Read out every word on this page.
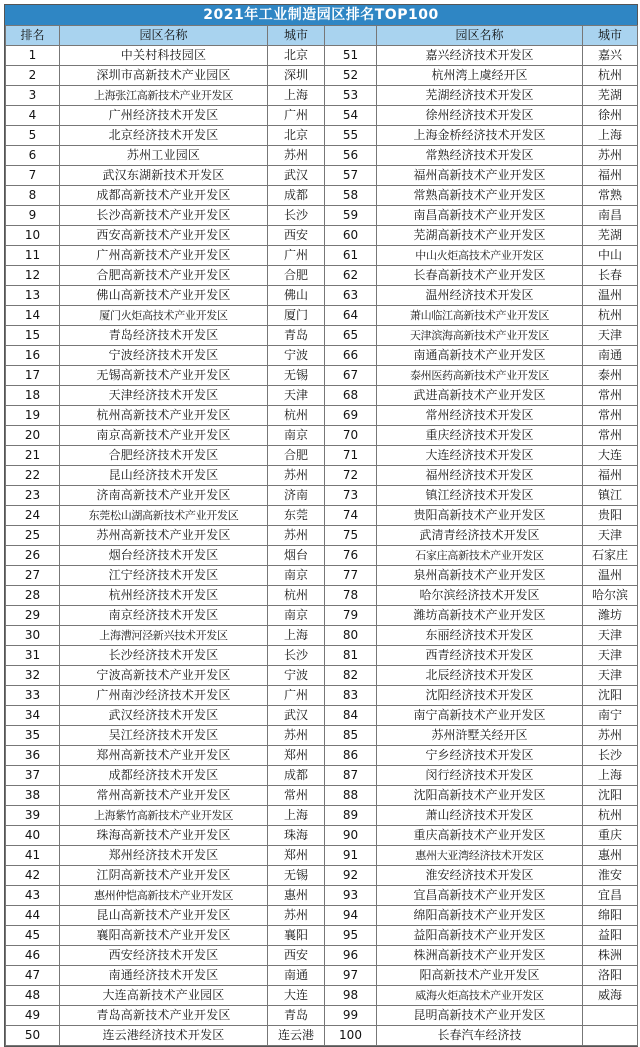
2021年工业制造园区排名TOP100
排名	园区名称	城市		园区名称	城市
1	中关村科技园区	北京	51	嘉兴经济技术开发区	嘉兴
2	深圳市高新技术产业园区	深圳	52	杭州湾上虞经开区	杭州
3	上海张江高新技术产业开发区	上海	53	芜湖经济技术开发区	芜湖
4	广州经济技术开发区	广州	54	徐州经济技术开发区	徐州
5	北京经济技术开发区	北京	55	上海金桥经济技术开发区	上海
6	苏州工业园区	苏州	56	常熟经济技术开发区	苏州
7	武汉东湖新技术开发区	武汉	57	福州高新技术产业开发区	福州
8	成都高新技术产业开发区	成都	58	常熟高新技术产业开发区	常熟
9	长沙高新技术产业开发区	长沙	59	南昌高新技术产业开发区	南昌
10	西安高新技术产业开发区	西安	60	芜湖高新技术产业开发区	芜湖
11	广州高新技术产业开发区	广州	61	中山火炬高技术产业开发区	中山
12	合肥高新技术产业开发区	合肥	62	长春高新技术产业开发区	长春
13	佛山高新技术产业开发区	佛山	63	温州经济技术开发区	温州
14	厦门火炬高技术产业开发区	厦门	64	萧山临江高新技术产业开发区	杭州
15	青岛经济技术开发区	青岛	65	天津滨海高新技术产业开发区	天津
16	宁波经济技术开发区	宁波	66	南通高新技术产业开发区	南通
17	无锡高新技术产业开发区	无锡	67	泰州医药高新技术产业开发区	泰州
18	天津经济技术开发区	天津	68	武进高新技术产业开发区	常州
19	杭州高新技术产业开发区	杭州	69	常州经济技术开发区	常州
20	南京高新技术产业开发区	南京	70	重庆经济技术开发区	常州
21	合肥经济技术开发区	合肥	71	大连经济技术开发区	大连
22	昆山经济技术开发区	苏州	72	福州经济技术开发区	福州
23	济南高新技术产业开发区	济南	73	镇江经济技术开发区	镇江
24	东莞松山湖高新技术产业开发区	东莞	74	贵阳高新技术产业开发区	贵阳
25	苏州高新技术产业开发区	苏州	75	武清青经济技术开发区	天津
26	烟台经济技术开发区	烟台	76	石家庄高新技术产业开发区	石家庄
27	江宁经济技术开发区	南京	77	泉州高新技术产业开发区	温州
28	杭州经济技术开发区	杭州	78	哈尔滨经济技术开发区	哈尔滨
29	南京经济技术开发区	南京	79	潍坊高新技术产业开发区	潍坊
30	上海漕河泾新兴技术开发区	上海	80	东丽经济技术开发区	天津
31	长沙经济技术开发区	长沙	81	西青经济技术开发区	天津
32	宁波高新技术产业开发区	宁波	82	北辰经济技术开发区	天津
33	广州南沙经济技术开发区	广州	83	沈阳经济技术开发区	沈阳
34	武汉经济技术开发区	武汉	84	南宁高新技术产业开发区	南宁
35	吴江经济技术开发区	苏州	85	苏州浒墅关经开区	苏州
36	郑州高新技术产业开发区	郑州	86	宁乡经济技术开发区	长沙
37	成都经济技术开发区	成都	87	闵行经济技术开发区	上海
38	常州高新技术产业开发区	常州	88	沈阳高新技术产业开发区	沈阳
39	上海紫竹高新技术产业开发区	上海	89	萧山经济技术开发区	杭州
40	珠海高新技术产业开发区	珠海	90	重庆高新技术产业开发区	重庆
41	郑州经济技术开发区	郑州	91	惠州大亚湾经济技术开发区	惠州
42	江阴高新技术产业开发区	无锡	92	淮安经济技术开发区	淮安
43	惠州仲恺高新技术产业开发区	惠州	93	宜昌高新技术产业开发区	宜昌
44	昆山高新技术产业开发区	苏州	94	绵阳高新技术产业开发区	绵阳
45	襄阳高新技术产业开发区	襄阳	95	益阳高新技术产业开发区	益阳
46	西安经济技术开发区	西安	96	株洲高新技术产业开发区	株洲
47	南通经济技术开发区	南通	97	阳高新技术产业开发区	洛阳
48	大连高新技术产业园区	大连	98	威海火炬高技术产业开发区	威海
49	青岛高新技术产业开发区	青岛	99	昆明高新技术产业开发区	
50	连云港经济技术开发区	连云港	100	长春汽车经济技	
